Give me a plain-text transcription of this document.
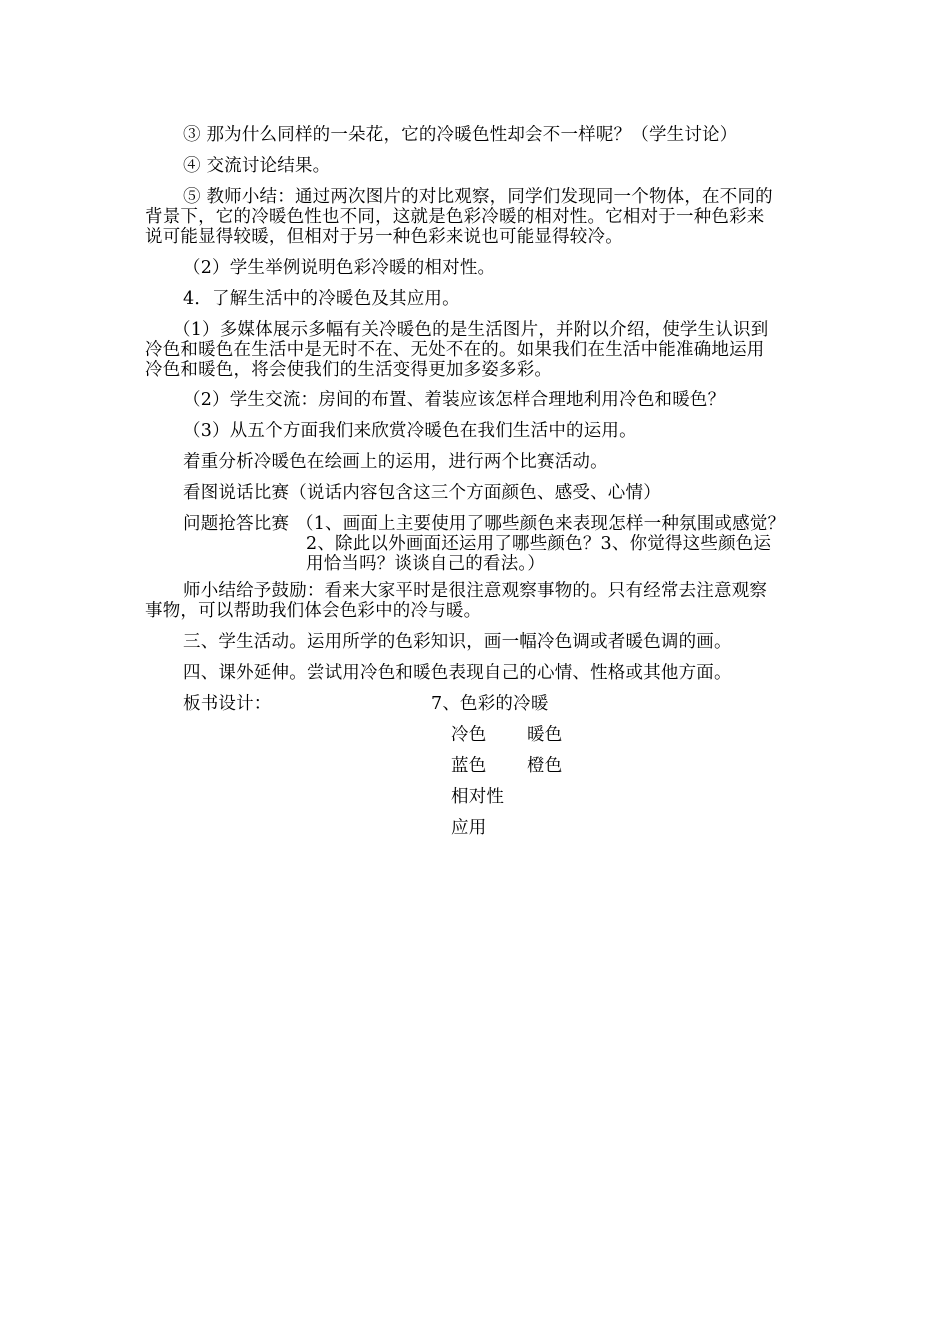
③ 那为什么同样的一朵花，它的冷暖色性却会不一样呢？（学生讨论）
④ 交流讨论结果。
⑤ 教师小结：通过两次图片的对比观察，同学们发现同一个物体，在不同的
背景下，它的冷暖色性也不同，这就是色彩冷暖的相对性。它相对于一种色彩来
说可能显得较暖，但相对于另一种色彩来说也可能显得较冷。
（2）学生举例说明色彩冷暖的相对性。
4．了解生活中的冷暖色及其应用。
（1）多媒体展示多幅有关冷暖色的是生活图片，并附以介绍，使学生认识到
冷色和暖色在生活中是无时不在、无处不在的。如果我们在生活中能准确地运用
冷色和暖色，将会使我们的生活变得更加多姿多彩。
（2）学生交流：房间的布置、着装应该怎样合理地利用冷色和暖色？
（3）从五个方面我们来欣赏冷暖色在我们生活中的运用。
着重分析冷暖色在绘画上的运用，进行两个比赛活动。
看图说话比赛（说话内容包含这三个方面颜色、感受、心情）
问题抢答比赛 （1、画面上主要使用了哪些颜色来表现怎样一种氛围或感觉？
2、除此以外画面还运用了哪些颜色？3、你觉得这些颜色运
用恰当吗？谈谈自己的看法。）
师小结给予鼓励：看来大家平时是很注意观察事物的。只有经常去注意观察
事物，可以帮助我们体会色彩中的冷与暖。
三、学生活动。运用所学的色彩知识，画一幅冷色调或者暖色调的画。
四、课外延伸。尝试用冷色和暖色表现自己的心情、性格或其他方面。
板书设计：	7、色彩的冷暖
冷色 暖色
蓝色 橙色
相对性
应用
